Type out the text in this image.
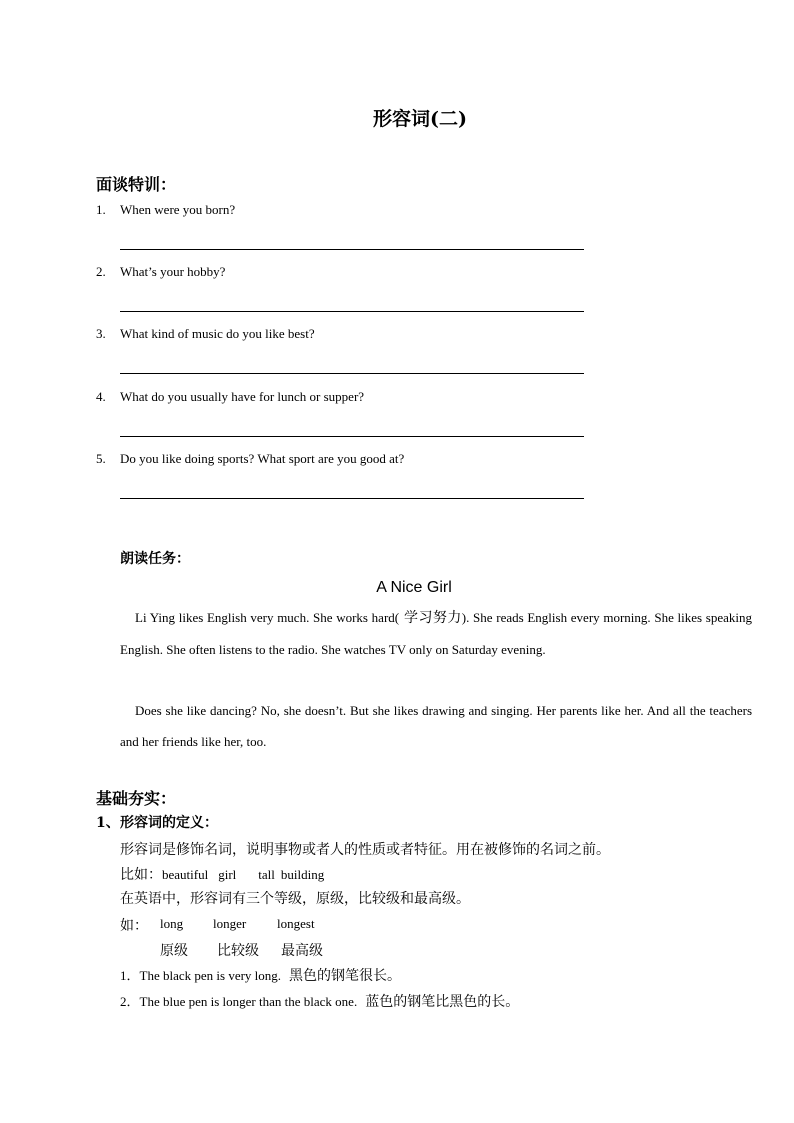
形容词(二)
面谈特训：
1. When were you born?
2. What’s your hobby?
3. What kind of music do you like best?
4. What do you usually have for lunch or supper?
5. Do you like doing sports? What sport are you good at?
朗读任务：
A Nice Girl
Li Ying likes English very much. She works hard( 学习努力). She reads English every morning. She likes speaking English. She often listens to the radio. She watches TV only on Saturday evening.
Does she like dancing? No, she doesn’t. But she likes drawing and singing. Her parents like her. And all the teachers and her friends like her, too.
基础夯实：
1、 形容词的定义：
形容词是修饰名词，说明事物或者人的性质或者特征。用在被修饰的名词之前。
比如：beautiful girl tall building
在英语中，形容词有三个等级，原级，比较级和最高级。
如： long longer longest
原级 比较级 最高级
1．The black pen is very long. 黑色的钢笔很长。
2．The blue pen is longer than the black one. 蓝色的钢笔比黑色的长。
